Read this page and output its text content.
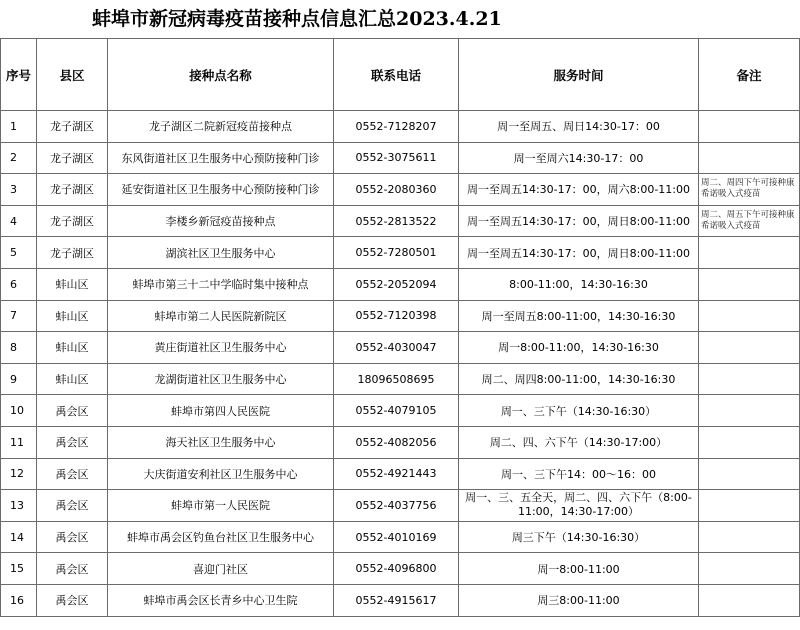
蚌埠市新冠病毒疫苗接种点信息汇总2023.4.21
序号	县区	接种点名称	联系电话	服务时间	备注
1	龙子湖区	龙子湖区二院新冠疫苗接种点	0552-7128207	周一至周五、周日14:30-17：00	
2	龙子湖区	东风街道社区卫生服务中心预防接种门诊	0552-3075611	周一至周六14:30-17：00	
3	龙子湖区	延安街道社区卫生服务中心预防接种门诊	0552-2080360	周一至周五14:30-17：00，周六8:00-11:00	周二、周四下午可接种康希诺吸入式疫苗
4	龙子湖区	李楼乡新冠疫苗接种点	0552-2813522	周一至周五14:30-17：00，周日8:00-11:00	周二、周五下午可接种康希诺吸入式疫苗
5	龙子湖区	湖滨社区卫生服务中心	0552-7280501	周一至周五14:30-17：00，周日8:00-11:00	
6	蚌山区	蚌埠市第三十二中学临时集中接种点	0552-2052094	8:00-11:00，14:30-16:30	
7	蚌山区	蚌埠市第二人民医院新院区	0552-7120398	周一至周五8:00-11:00，14:30-16:30	
8	蚌山区	黄庄街道社区卫生服务中心	0552-4030047	周一8:00-11:00，14:30-16:30	
9	蚌山区	龙湖街道社区卫生服务中心	18096508695	周二、周四8:00-11:00，14:30-16:30	
10	禹会区	蚌埠市第四人民医院	0552-4079105	周一、三下午（14:30-16:30）	
11	禹会区	海天社区卫生服务中心	0552-4082056	周二、四、六下午（14:30-17:00）	
12	禹会区	大庆街道安利社区卫生服务中心	0552-4921443	周一、三下午14：00～16：00	
13	禹会区	蚌埠市第一人民医院	0552-4037756	周一、三、五全天，周二、四、六下午（8:00-11:00，14:30-17:00）	
14	禹会区	蚌埠市禹会区钓鱼台社区卫生服务中心	0552-4010169	周三下午（14:30-16:30）	
15	禹会区	喜迎门社区	0552-4096800	周一8:00-11:00	
16	禹会区	蚌埠市禹会区长青乡中心卫生院	0552-4915617	周三8:00-11:00	
